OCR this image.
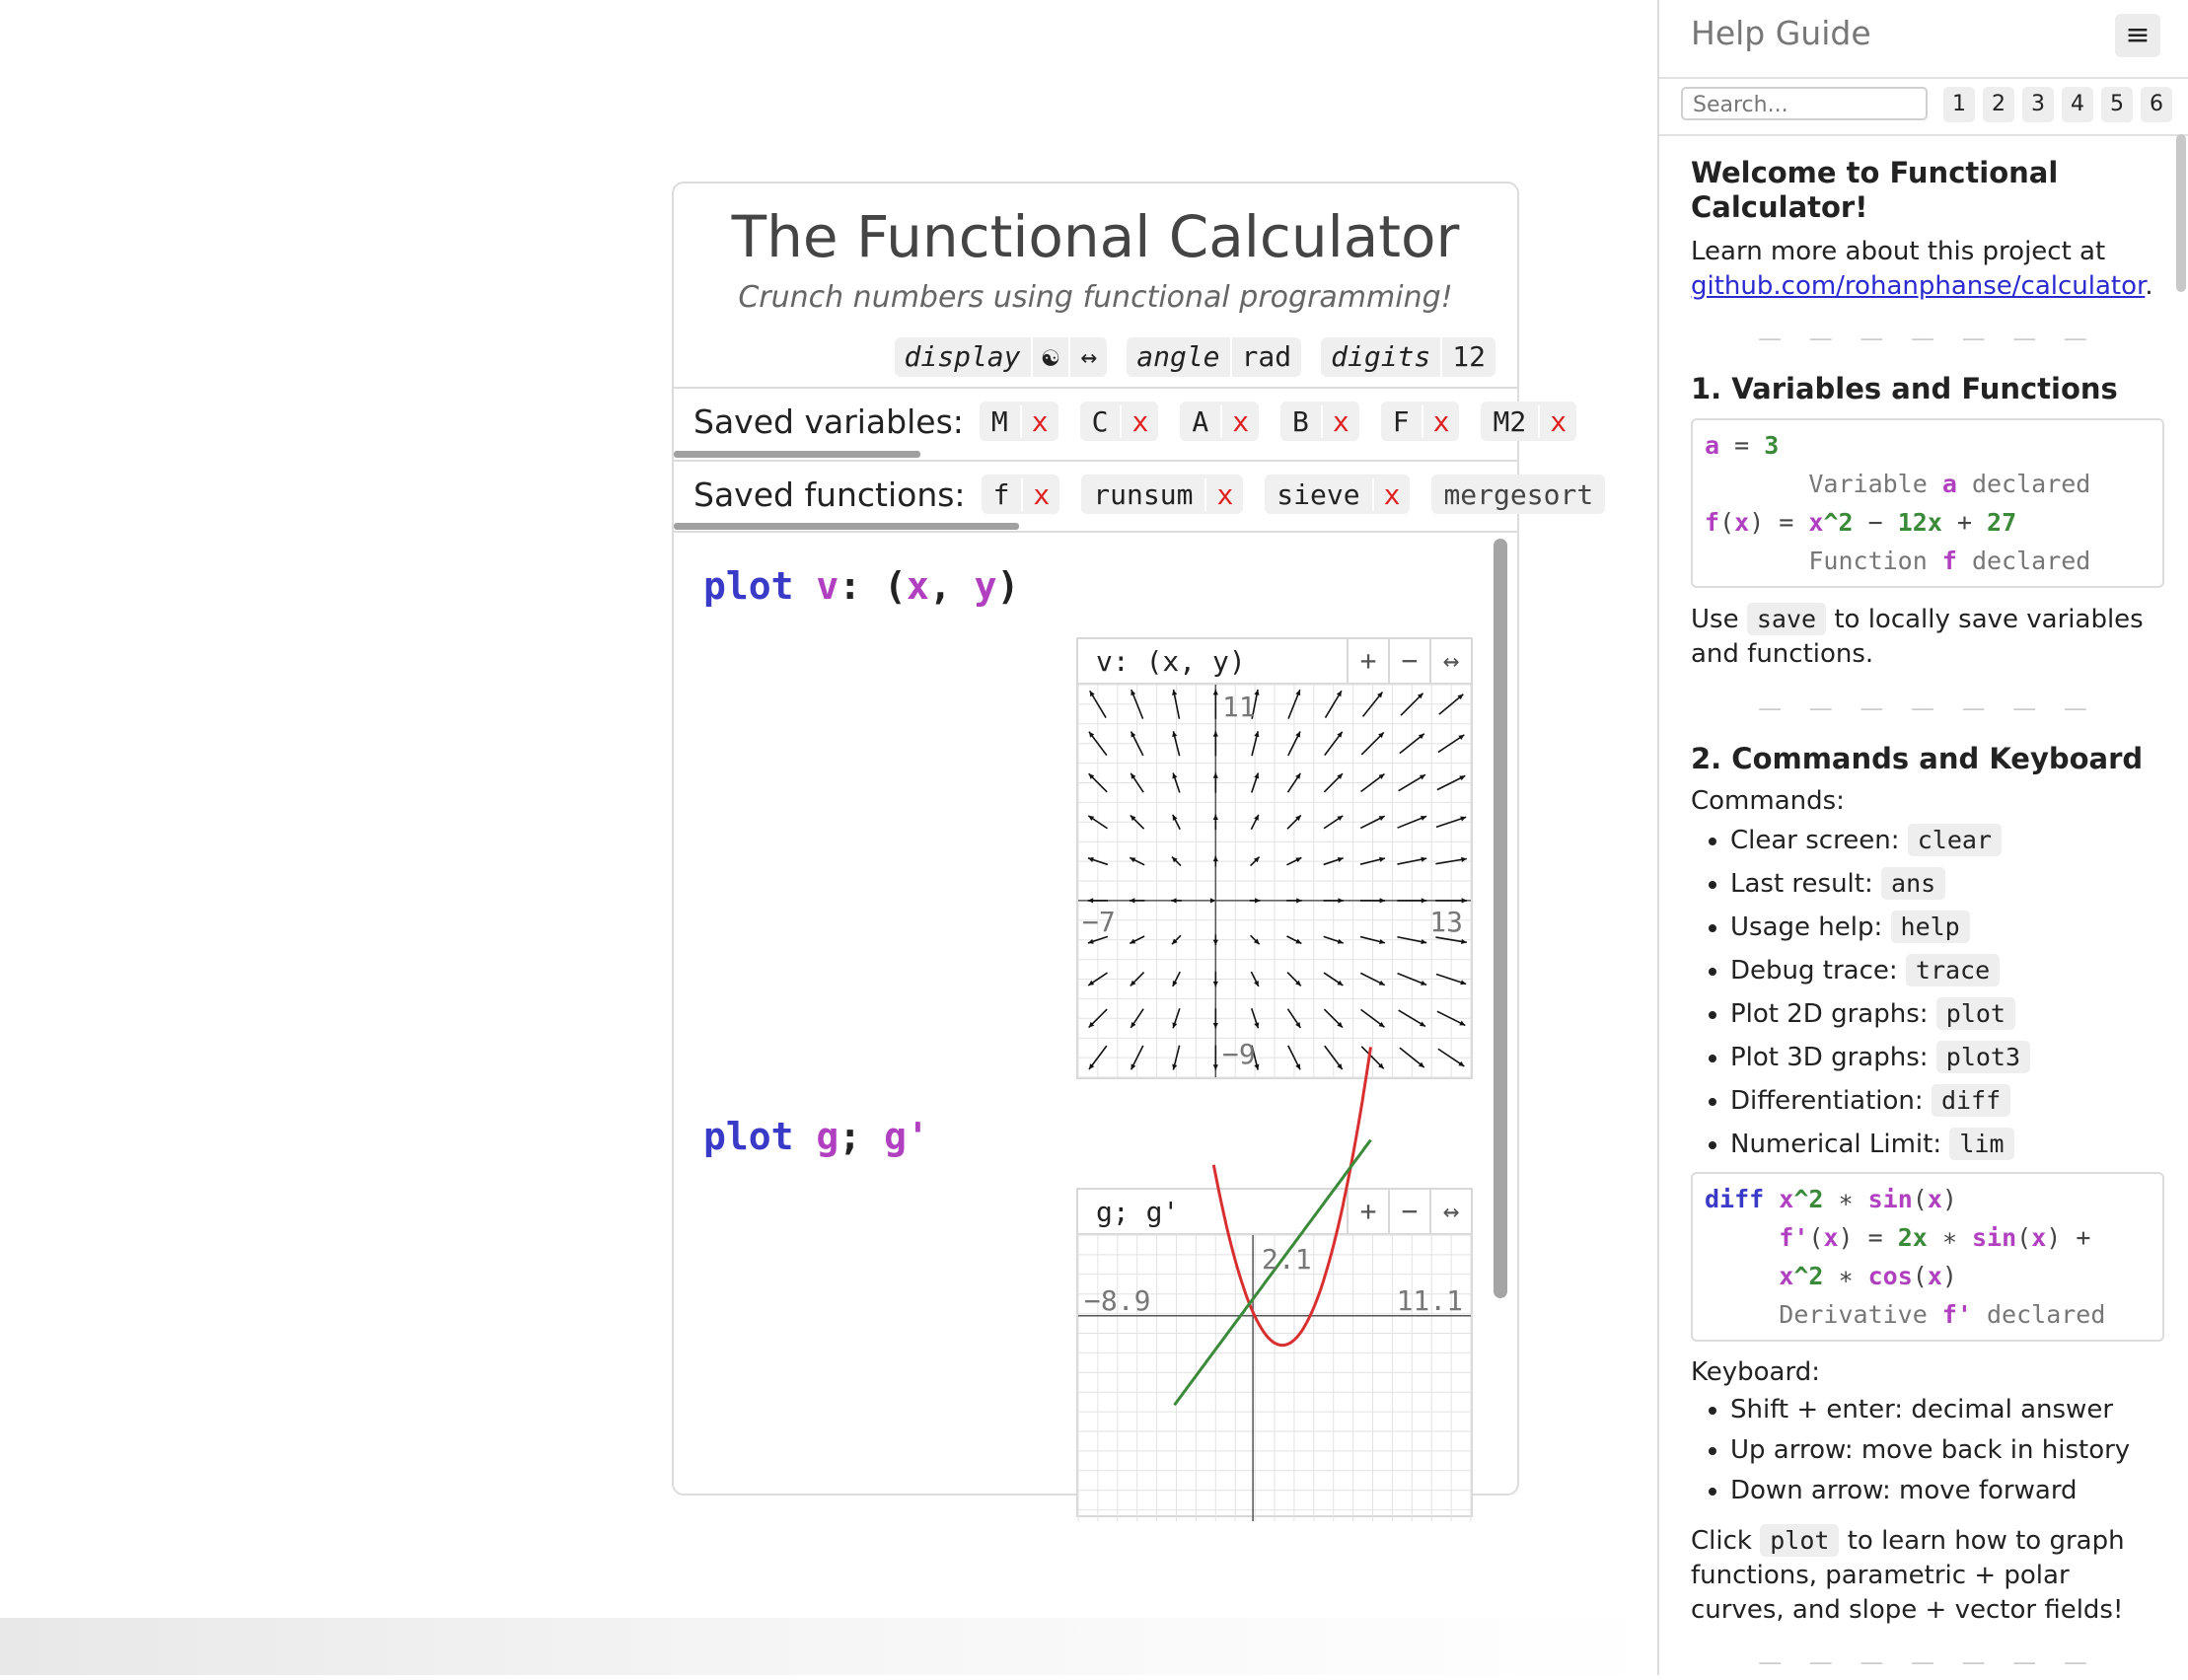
The Functional Calculator
Crunch numbers using functional programming!
display ☯ ↔	angle rad	digits 12
Saved variables:	M x	C x	A x	B x	F x	M2 x
Saved functions:	f x	runsum x	sieve x	mergesort
plot v: (x, y)
v: (x, y)	+ − ↔
11
−7	13
−9
plot g; g'
g; g'	+ − ↔
2.1
−8.9	11.1
Help Guide	≡
Search...	1	2	3	4	5	6
Welcome to Functional Calculator!

Learn more about this project at
github.com/rohanphanse/calculator.

— — — — — — —
1. Variables and Functions
a = 3
Variable a declared
f(x) = x^2 − 12x + 27
Function f declared

Use save to locally save variables and functions.

— — — — — — —
2. Commands and Keyboard

Commands:

• Clear screen: clear
• Last result: ans
• Usage help: help
• Debug trace: trace
• Plot 2D graphs: plot
• Plot 3D graphs: plot3
• Differentiation: diff
• Numerical Limit: lim
diff x^2 ∗ sin(x)
f'(x) = 2x ∗ sin(x) +
x^2 ∗ cos(x)
Derivative f' declared

Keyboard:

• Shift + enter: decimal answer
• Up arrow: move back in history
• Down arrow: move forward

Click plot to learn how to graph functions, parametric + polar curves, and slope + vector fields!

— — — — — — —
